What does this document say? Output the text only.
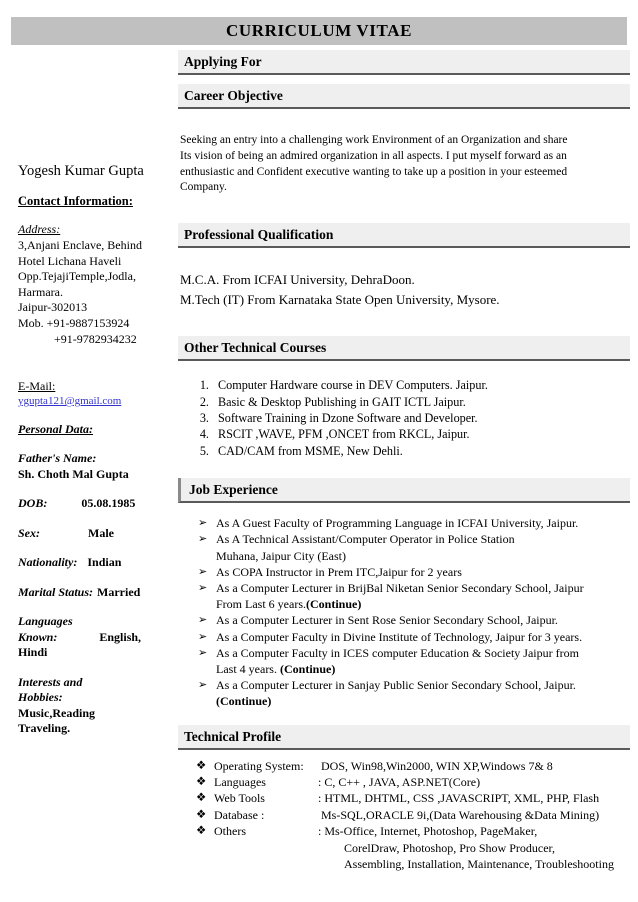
CURRICULUM VITAE
Yogesh Kumar Gupta
Contact Information:
Address:
3,Anjani Enclave, Behind
Hotel Lichana Haveli
Opp.TejajiTemple,Jodla,
Harmara.
Jaipur-302013
Mob. +91-9887153924
+91-9782934232
E-Mail:
ygupta121@gmail.com
Personal Data:
Father's Name:
Sh. Choth Mal Gupta
DOB:	05.08.1985
Sex:	Male
Nationality: Indian
Marital Status: Married
Languages
Known:	English,
Hindi
Interests and
Hobbies:
Music,Reading
Traveling.
Applying For
Career Objective
Seeking an entry into a challenging work Environment of an Organization and share
Its vision of being an admired organization in all aspects. I put myself forward as an
enthusiastic and Confident executive wanting to take up a position in your esteemed
Company.
Professional Qualification
M.C.A. From ICFAI University, DehraDoon.
M.Tech (IT) From Karnataka State Open University, Mysore.
Other Technical Courses
1. Computer Hardware course in DEV Computers. Jaipur.
2. Basic & Desktop Publishing in GAIT ICTL Jaipur.
3. Software Training in Dzone Software and Developer.
4. RSCIT ,WAVE, PFM ,ONCET from RKCL, Jaipur.
5. CAD/CAM from MSME, New Dehli.
Job Experience
➢ As A Guest Faculty of Programming Language in ICFAI University, Jaipur.
➢ As A Technical Assistant/Computer Operator in Police Station
Muhana, Jaipur City (East)
➢ As COPA Instructor in Prem ITC,Jaipur for 2 years
➢ As a Computer Lecturer in BrijBal Niketan Senior Secondary School, Jaipur
From Last 6 years.(Continue)
➢ As a Computer Lecturer in Sent Rose Senior Secondary School, Jaipur.
➢ As a Computer Faculty in Divine Institute of Technology, Jaipur for 3 years.
➢ As a Computer Faculty in ICES computer Education & Society Jaipur from
Last 4 years. (Continue)
➢ As a Computer Lecturer in Sanjay Public Senior Secondary School, Jaipur.
(Continue)
Technical Profile
❖ Operating System: DOS, Win98,Win2000, WIN XP,Windows 7& 8
❖ Languages	: C, C++ , JAVA, ASP.NET(Core)
❖ Web Tools	: HTML, DHTML, CSS ,JAVASCRIPT, XML, PHP, Flash
❖ Database :	Ms-SQL,ORACLE 9i,(Data Warehousing &Data Mining)
❖ Others	: Ms-Office, Internet, Photoshop, PageMaker,
CorelDraw, Photoshop, Pro Show Producer,
Assembling, Installation, Maintenance, Troubleshooting
